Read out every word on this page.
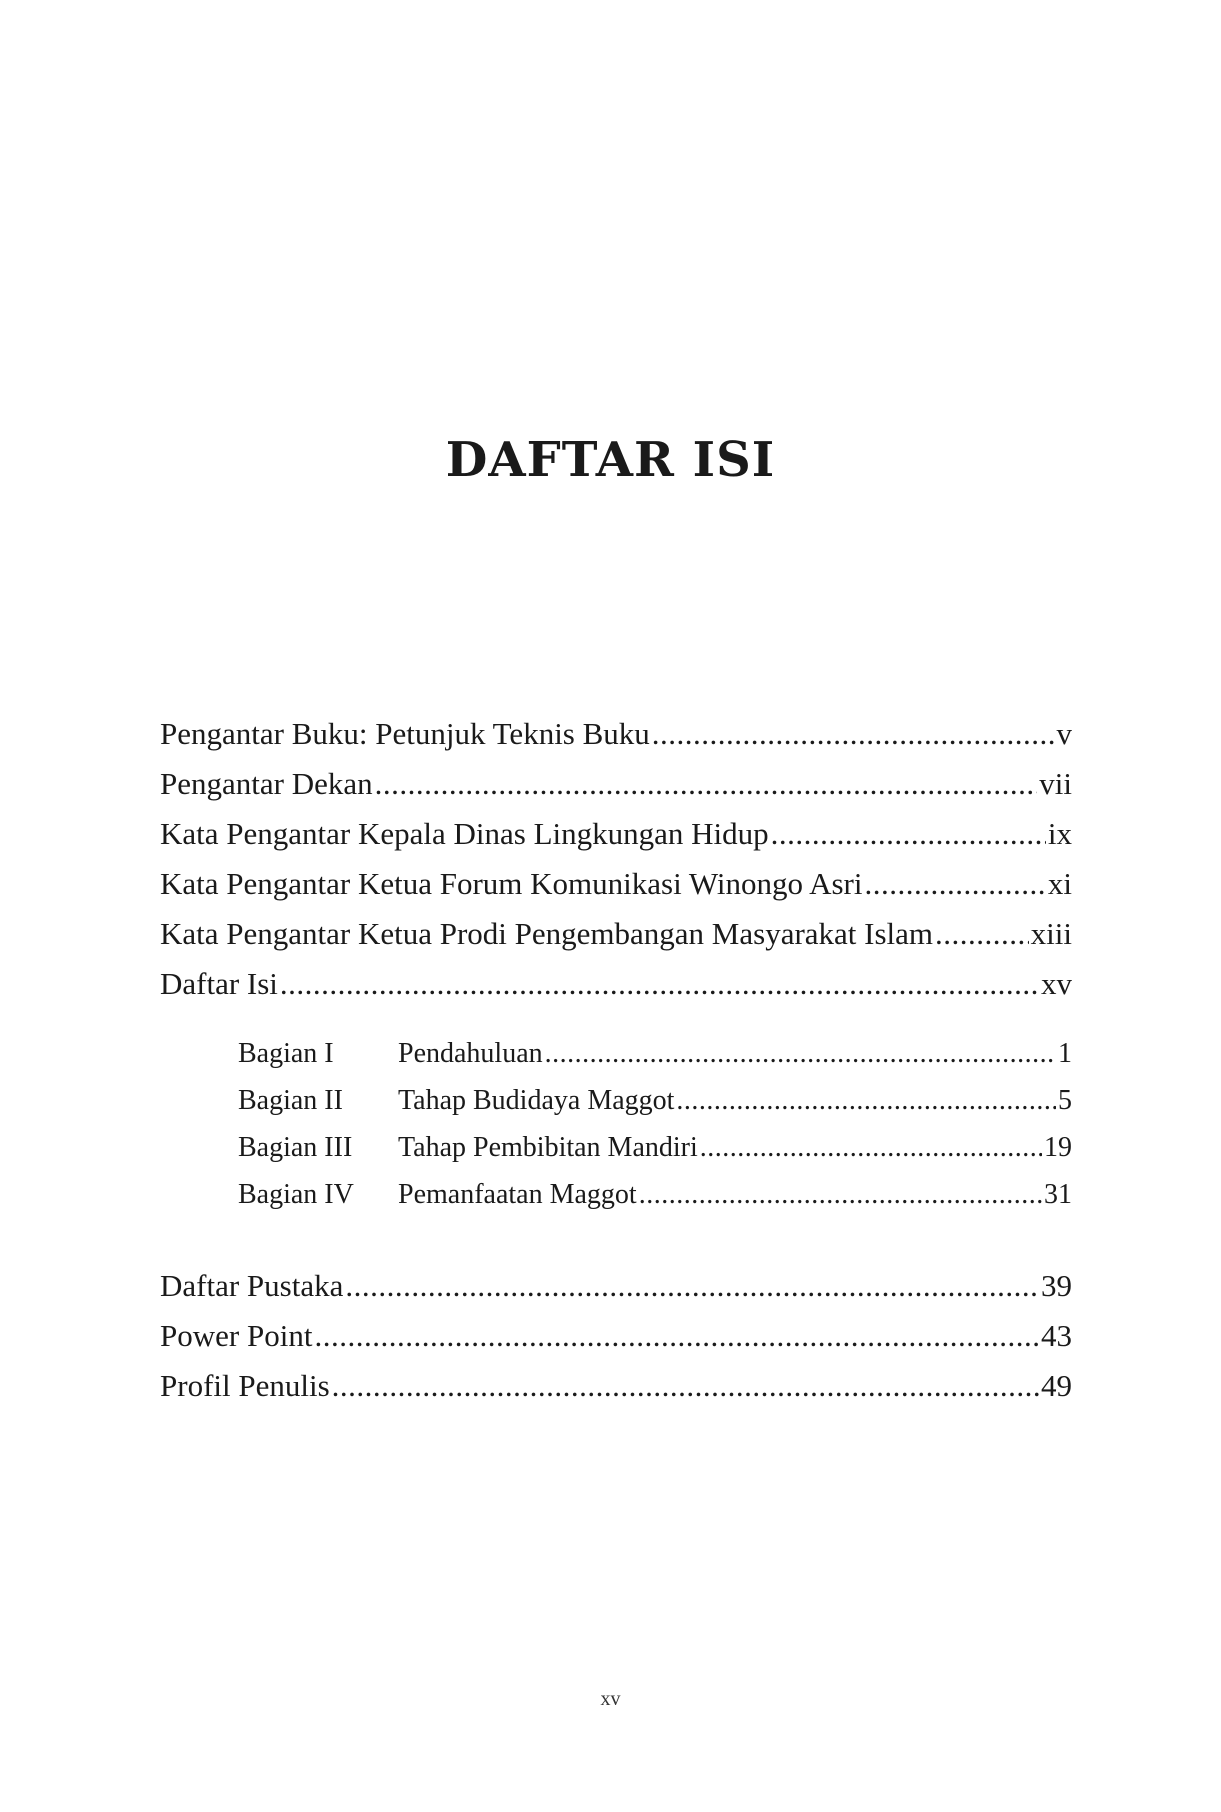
DAFTAR ISI
Pengantar Buku: Petunjuk Teknis Buku .....	v
Pengantar Dekan .....	vii
Kata Pengantar Kepala Dinas Lingkungan Hidup .....	ix
Kata Pengantar Ketua Forum Komunikasi Winongo Asri .....	xi
Kata Pengantar Ketua Prodi Pengembangan Masyarakat Islam .....	xiii
Daftar Isi .....	xv
Bagian I	Pendahuluan .....	1
Bagian II	Tahap Budidaya Maggot .....	5
Bagian III	Tahap Pembibitan Mandiri .....	19
Bagian IV	Pemanfaatan Maggot .....	31
Daftar Pustaka .....	39
Power Point .....	43
Profil Penulis .....	49
xv
